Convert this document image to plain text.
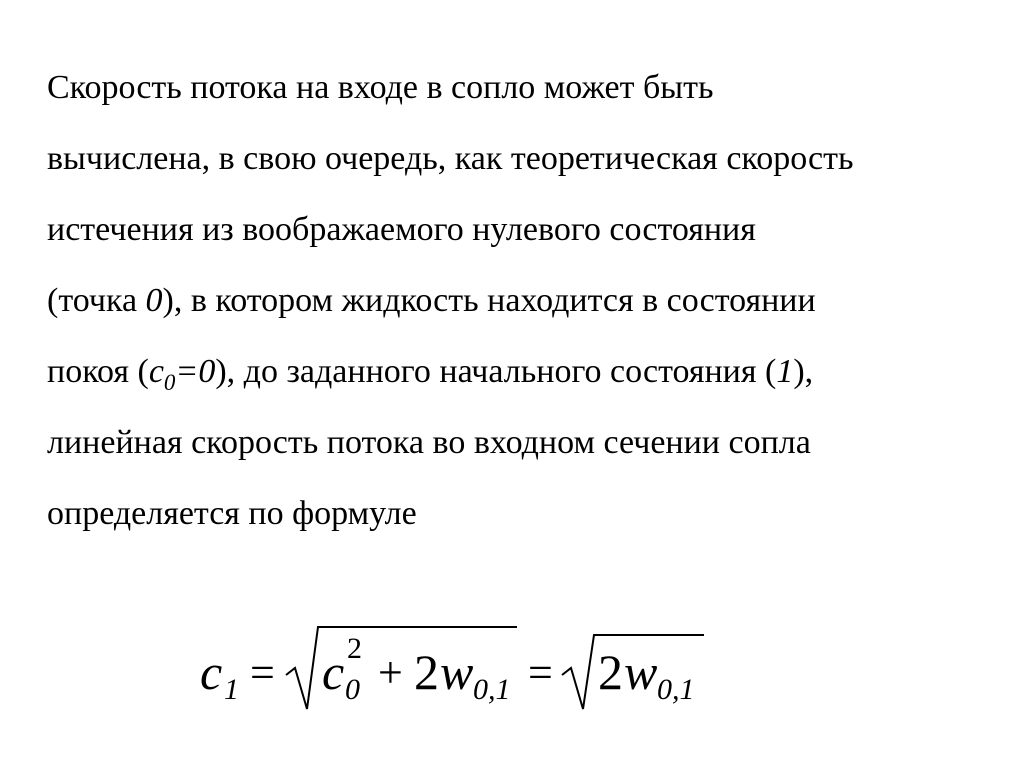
Скорость потока на входе в сопло может быть
вычислена, в свою очередь, как теоретическая скорость
истечения из воображаемого нулевого состояния
(точка 0), в котором жидкость находится в состоянии
покоя $(c_0=0)$, до заданного начального состояния (1),
линейная скорость потока во входном сечении сопла
определяется по формуле
c 1 = c 2
0 + 2 w 0,1 = 2 w 0,1
